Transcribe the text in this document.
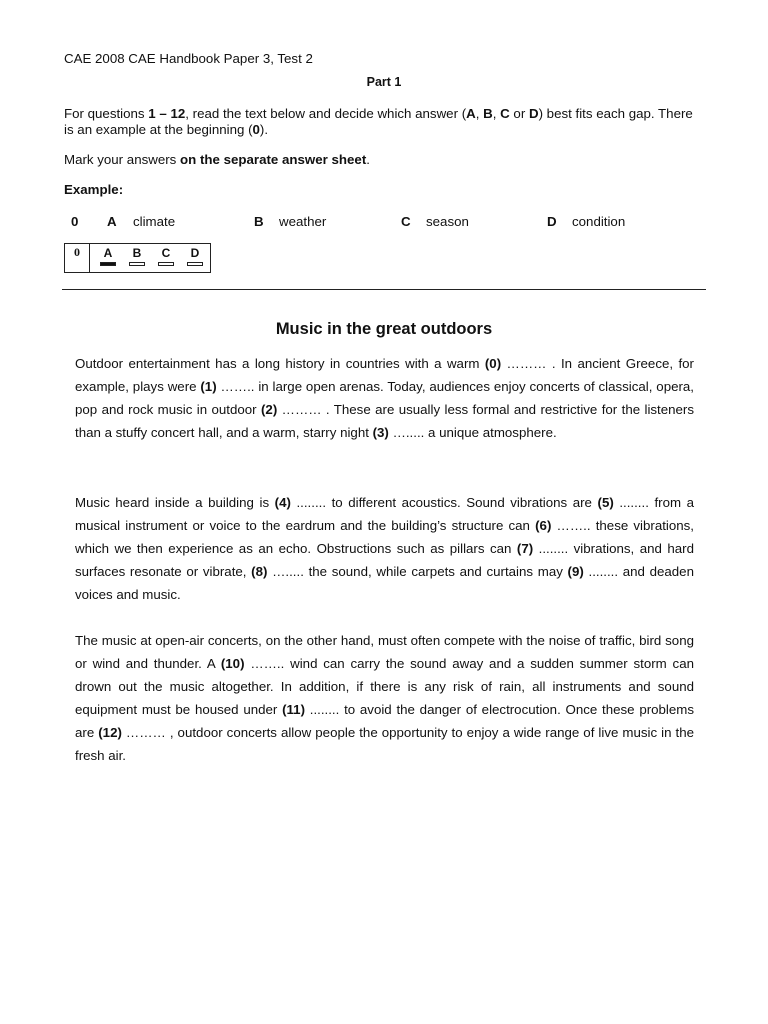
CAE 2008 CAE Handbook Paper 3, Test 2
Part 1
For questions 1 – 12, read the text below and decide which answer (A, B, C or D) best fits each gap. There is an example at the beginning (0).
Mark your answers on the separate answer sheet.
Example:
0 A climate	B weather	C season	D condition
0	A	B	C	D
Music in the great outdoors
Outdoor entertainment has a long history in countries with a warm (0) ……… . In ancient Greece, for example, plays were (1) …….. in large open arenas. Today, audiences enjoy concerts of classical, opera, pop and rock music in outdoor (2) ……… . These are usually less formal and restrictive for the listeners than a stuffy concert hall, and a warm, starry night (3) …..... a unique atmosphere.
Music heard inside a building is (4) ........ to different acoustics. Sound vibrations are (5) ........ from a musical instrument or voice to the eardrum and the building’s structure can (6) …….. these vibrations, which we then experience as an echo. Obstructions such as pillars can (7) ........ vibrations, and hard surfaces resonate or vibrate, (8) …..... the sound, while carpets and curtains may (9) ........ and deaden voices and music.
The music at open-air concerts, on the other hand, must often compete with the noise of traffic, bird song or wind and thunder. A (10) …….. wind can carry the sound away and a sudden summer storm can drown out the music altogether. In addition, if there is any risk of rain, all instruments and sound equipment must be housed under (11) ........ to avoid the danger of electrocution. Once these problems are (12) ……… , outdoor concerts allow people the opportunity to enjoy a wide range of live music in the fresh air.
